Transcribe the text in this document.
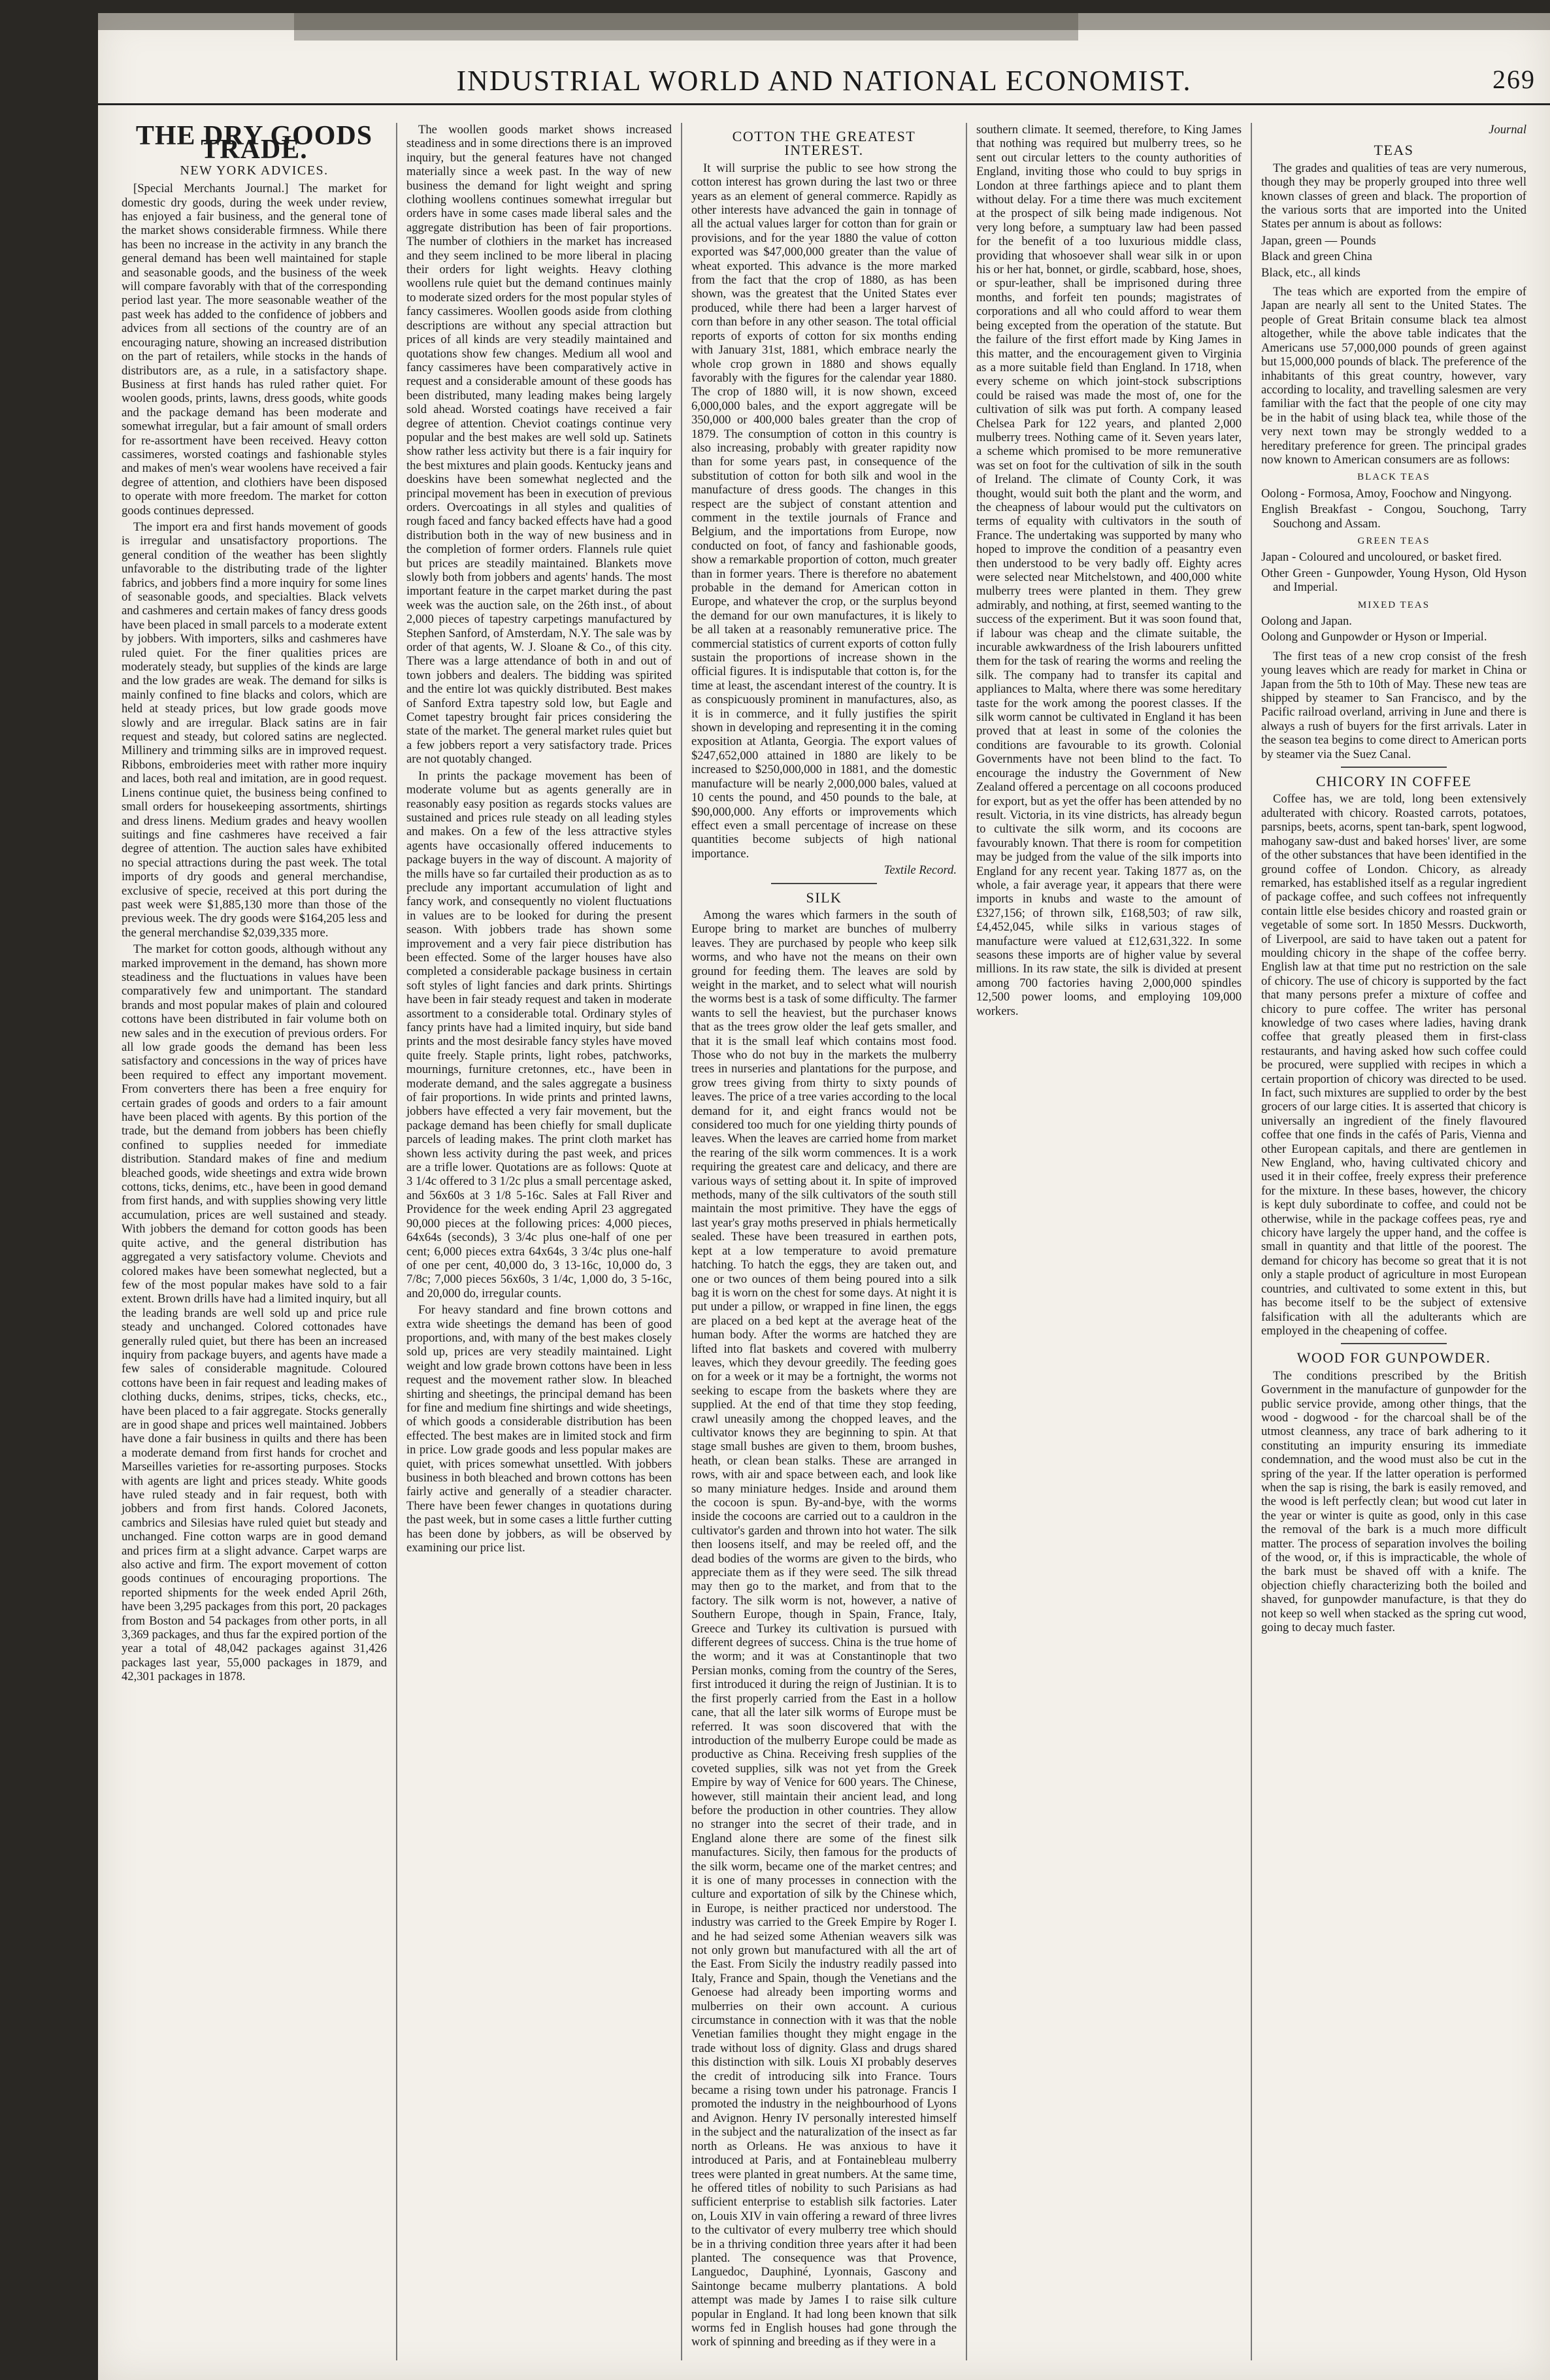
INDUSTRIAL WORLD AND NATIONAL ECONOMIST.	269
THE DRY GOODS TRADE.
NEW YORK ADVICES.

[Special Merchants Journal.] The market for domestic dry goods, during the week under review, has enjoyed a fair business, and the general tone of the market shows considerable firmness. While there has been no increase in the activity in any branch the general demand has been well maintained for staple and seasonable goods, and the business of the week will compare favorably with that of the corresponding period last year. The more seasonable weather of the past week has added to the confidence of jobbers and advices from all sections of the country are of an encouraging nature, showing an increased distribution on the part of retailers, while stocks in the hands of distributors are, as a rule, in a satisfactory shape. Business at first hands has ruled rather quiet. For woolen goods, prints, lawns, dress goods, white goods and the package demand has been moderate and somewhat irregular, but a fair amount of small orders for re-assortment have been received. Heavy cotton cassimeres, worsted coatings and fashionable styles and makes of men's wear woolens have received a fair degree of attention, and clothiers have been disposed to operate with more freedom. The market for cotton goods continues depressed.

The import era and first hands movement of goods is irregular and unsatisfactory proportions. The general condition of the weather has been slightly unfavorable to the distributing trade of the lighter fabrics, and jobbers find a more inquiry for some lines of seasonable goods, and specialties. Black velvets and cashmeres and certain makes of fancy dress goods have been placed in small parcels to a moderate extent by jobbers. With importers, silks and cashmeres have ruled quiet. For the finer qualities prices are moderately steady, but supplies of the kinds are large and the low grades are weak. The demand for silks is mainly confined to fine blacks and colors, which are held at steady prices, but low grade goods move slowly and are irregular. Black satins are in fair request and steady, but colored satins are neglected. Millinery and trimming silks are in improved request. Ribbons, embroideries meet with rather more inquiry and laces, both real and imitation, are in good request. Linens continue quiet, the business being confined to small orders for housekeeping assortments, shirtings and dress linens. Medium grades and heavy woollen suitings and fine cashmeres have received a fair degree of attention. The auction sales have exhibited no special attractions during the past week. The total imports of dry goods and general merchandise, exclusive of specie, received at this port during the past week were $1,885,130 more than those of the previous week. The dry goods were $164,205 less and the general merchandise $2,039,335 more.

The market for cotton goods, although without any marked improvement in the demand, has shown more steadiness and the fluctuations in values have been comparatively few and unimportant. The standard brands and most popular makes of plain and coloured cottons have been distributed in fair volume both on new sales and in the execution of previous orders. For all low grade goods the demand has been less satisfactory and concessions in the way of prices have been required to effect any important movement. From converters there has been a free enquiry for certain grades of goods and orders to a fair amount have been placed with agents. By this portion of the trade, but the demand from jobbers has been chiefly confined to supplies needed for immediate distribution. Standard makes of fine and medium bleached goods, wide sheetings and extra wide brown cottons, ticks, denims, etc., have been in good demand from first hands, and with supplies showing very little accumulation, prices are well sustained and steady. With jobbers the demand for cotton goods has been quite active, and the general distribution has aggregated a very satisfactory volume. Cheviots and colored makes have been somewhat neglected, but a few of the most popular makes have sold to a fair extent. Brown drills have had a limited inquiry, but all the leading brands are well sold up and price rule steady and unchanged. Colored cottonades have generally ruled quiet, but there has been an increased inquiry from package buyers, and agents have made a few sales of considerable magnitude. Coloured cottons have been in fair request and leading makes of clothing ducks, denims, stripes, ticks, checks, etc., have been placed to a fair aggregate. Stocks generally are in good shape and prices well maintained. Jobbers have done a fair business in quilts and there has been a moderate demand from first hands for crochet and Marseilles varieties for re-assorting purposes. Stocks with agents are light and prices steady. White goods have ruled steady and in fair request, both with jobbers and from first hands. Colored Jaconets, cambrics and Silesias have ruled quiet but steady and unchanged. Fine cotton warps are in good demand and prices firm at a slight advance. Carpet warps are also active and firm. The export movement of cotton goods continues of encouraging proportions. The reported shipments for the week ended April 26th, have been 3,295 packages from this port, 20 packages from Boston and 54 packages from other ports, in all 3,369 packages, and thus far the expired portion of the year a total of 48,042 packages against 31,426 packages last year, 55,000 packages in 1879, and 42,301 packages in 1878.

The woollen goods market shows increased steadiness and in some directions there is an improved inquiry, but the general features have not changed materially since a week past. In the way of new business the demand for light weight and spring clothing woollens continues somewhat irregular but orders have in some cases made liberal sales and the aggregate distribution has been of fair proportions. The number of clothiers in the market has increased and they seem inclined to be more liberal in placing their orders for light weights. Heavy clothing woollens rule quiet but the demand continues mainly to moderate sized orders for the most popular styles of fancy cassimeres. Woollen goods aside from clothing descriptions are without any special attraction but prices of all kinds are very steadily maintained and quotations show few changes. Medium all wool and fancy cassimeres have been comparatively active in request and a considerable amount of these goods has been distributed, many leading makes being largely sold ahead. Worsted coatings have received a fair degree of attention. Cheviot coatings continue very popular and the best makes are well sold up. Satinets show rather less activity but there is a fair inquiry for the best mixtures and plain goods. Kentucky jeans and doeskins have been somewhat neglected and the principal movement has been in execution of previous orders. Overcoatings in all styles and qualities of rough faced and fancy backed effects have had a good distribution both in the way of new business and in the completion of former orders. Flannels rule quiet but prices are steadily maintained. Blankets move slowly both from jobbers and agents' hands. The most important feature in the carpet market during the past week was the auction sale, on the 26th inst., of about 2,000 pieces of tapestry carpetings manufactured by Stephen Sanford, of Amsterdam, N.Y. The sale was by order of that agents, W. J. Sloane & Co., of this city. There was a large attendance of both in and out of town jobbers and dealers. The bidding was spirited and the entire lot was quickly distributed. Best makes of Sanford Extra tapestry sold low, but Eagle and Comet tapestry brought fair prices considering the state of the market. The general market rules quiet but a few jobbers report a very satisfactory trade. Prices are not quotably changed.

In prints the package movement has been of moderate volume but as agents generally are in reasonably easy position as regards stocks values are sustained and prices rule steady on all leading styles and makes. On a few of the less attractive styles agents have occasionally offered inducements to package buyers in the way of discount. A majority of the mills have so far curtailed their production as as to preclude any important accumulation of light and fancy work, and consequently no violent fluctuations in values are to be looked for during the present season. With jobbers trade has shown some improvement and a very fair piece distribution has been effected. Some of the larger houses have also completed a considerable package business in certain soft styles of light fancies and dark prints. Shirtings have been in fair steady request and taken in moderate assortment to a considerable total. Ordinary styles of fancy prints have had a limited inquiry, but side band prints and the most desirable fancy styles have moved quite freely. Staple prints, light robes, patchworks, mournings, furniture cretonnes, etc., have been in moderate demand, and the sales aggregate a business of fair proportions. In wide prints and printed lawns, jobbers have effected a very fair movement, but the package demand has been chiefly for small duplicate parcels of leading makes. The print cloth market has shown less activity during the past week, and prices are a trifle lower. Quotations are as follows: Quote at 3 1/4c offered to 3 1/2c plus a small percentage asked, and 56x60s at 3 1/8 5-16c. Sales at Fall River and Providence for the week ending April 23 aggregated 90,000 pieces at the following prices: 4,000 pieces, 64x64s (seconds), 3 3/4c plus one-half of one per cent; 6,000 pieces extra 64x64s, 3 3/4c plus one-half of one per cent, 40,000 do, 3 13-16c, 10,000 do, 3 7/8c; 7,000 pieces 56x60s, 3 1/4c, 1,000 do, 3 5-16c, and 20,000 do, irregular counts.

For heavy standard and fine brown cottons and extra wide sheetings the demand has been of good proportions, and, with many of the best makes closely sold up, prices are very steadily maintained. Light weight and low grade brown cottons have been in less request and the movement rather slow. In bleached shirting and sheetings, the principal demand has been for fine and medium fine shirtings and wide sheetings, of which goods a considerable distribution has been effected. The best makes are in limited stock and firm in price. Low grade goods and less popular makes are quiet, with prices somewhat unsettled. With jobbers business in both bleached and brown cottons has been fairly active and generally of a steadier character. There have been fewer changes in quotations during the past week, but in some cases a little further cutting has been done by jobbers, as will be observed by examining our price list.

COTTON THE GREATEST INTEREST.

It will surprise the public to see how strong the cotton interest has grown during the last two or three years as an element of general commerce. Rapidly as other interests have advanced the gain in tonnage of all the actual values larger for cotton than for grain or provisions, and for the year 1880 the value of cotton exported was $47,000,000 greater than the value of wheat exported. This advance is the more marked from the fact that the crop of 1880, as has been shown, was the greatest that the United States ever produced, while there had been a larger harvest of corn than before in any other season. The total official reports of exports of cotton for six months ending with January 31st, 1881, which embrace nearly the whole crop grown in 1880 and shows equally favorably with the figures for the calendar year 1880. The crop of 1880 will, it is now shown, exceed 6,000,000 bales, and the export aggregate will be 350,000 or 400,000 bales greater than the crop of 1879. The consumption of cotton in this country is also increasing, probably with greater rapidity now than for some years past, in consequence of the substitution of cotton for both silk and wool in the manufacture of dress goods. The changes in this respect are the subject of constant attention and comment in the textile journals of France and Belgium, and the importations from Europe, now conducted on foot, of fancy and fashionable goods, show a remarkable proportion of cotton, much greater than in former years. There is therefore no abatement probable in the demand for American cotton in Europe, and whatever the crop, or the surplus beyond the demand for our own manufactures, it is likely to be all taken at a reasonably remunerative price. The commercial statistics of current exports of cotton fully sustain the proportions of increase shown in the official figures. It is indisputable that cotton is, for the time at least, the ascendant interest of the country. It is as conspicuously prominent in manufactures, also, as it is in commerce, and it fully justifies the spirit shown in developing and representing it in the coming exposition at Atlanta, Georgia. The export values of $247,652,000 attained in 1880 are likely to be increased to $250,000,000 in 1881, and the domestic manufacture will be nearly 2,000,000 bales, valued at 10 cents the pound, and 450 pounds to the bale, at $90,000,000. Any efforts or improvements which effect even a small percentage of increase on these quantities become subjects of high national importance.

Textile Record.

SILK

Among the wares which farmers in the south of Europe bring to market are bunches of mulberry leaves. They are purchased by people who keep silk worms, and who have not the means on their own ground for feeding them. The leaves are sold by weight in the market, and to select what will nourish the worms best is a task of some difficulty. The farmer wants to sell the heaviest, but the purchaser knows that as the trees grow older the leaf gets smaller, and that it is the small leaf which contains most food. Those who do not buy in the markets the mulberry trees in nurseries and plantations for the purpose, and grow trees giving from thirty to sixty pounds of leaves. The price of a tree varies according to the local demand for it, and eight francs would not be considered too much for one yielding thirty pounds of leaves. When the leaves are carried home from market the rearing of the silk worm commences. It is a work requiring the greatest care and delicacy, and there are various ways of setting about it. In spite of improved methods, many of the silk cultivators of the south still maintain the most primitive. They have the eggs of last year's gray moths preserved in phials hermetically sealed. These have been treasured in earthen pots, kept at a low temperature to avoid premature hatching. To hatch the eggs, they are taken out, and one or two ounces of them being poured into a silk bag it is worn on the chest for some days. At night it is put under a pillow, or wrapped in fine linen, the eggs are placed on a bed kept at the average heat of the human body. After the worms are hatched they are lifted into flat baskets and covered with mulberry leaves, which they devour greedily. The feeding goes on for a week or it may be a fortnight, the worms not seeking to escape from the baskets where they are supplied. At the end of that time they stop feeding, crawl uneasily among the chopped leaves, and the cultivator knows they are beginning to spin. At that stage small bushes are given to them, broom bushes, heath, or clean bean stalks. These are arranged in rows, with air and space between each, and look like so many miniature hedges. Inside and around them the cocoon is spun. By-and-bye, with the worms inside the cocoons are carried out to a cauldron in the cultivator's garden and thrown into hot water. The silk then loosens itself, and may be reeled off, and the dead bodies of the worms are given to the birds, who appreciate them as if they were seed. The silk thread may then go to the market, and from that to the factory. The silk worm is not, however, a native of Southern Europe, though in Spain, France, Italy, Greece and Turkey its cultivation is pursued with different degrees of success. China is the true home of the worm; and it was at Constantinople that two Persian monks, coming from the country of the Seres, first introduced it during the reign of Justinian. It is to the first properly carried from the East in a hollow cane, that all the later silk worms of Europe must be referred. It was soon discovered that with the introduction of the mulberry Europe could be made as productive as China. Receiving fresh supplies of the coveted supplies, silk was not yet from the Greek Empire by way of Venice for 600 years. The Chinese, however, still maintain their ancient lead, and long before the production in other countries. They allow no stranger into the secret of their trade, and in England alone there are some of the finest silk manufactures. Sicily, then famous for the products of the silk worm, became one of the market centres; and it is one of many processes in connection with the culture and exportation of silk by the Chinese which, in Europe, is neither practiced nor understood. The industry was carried to the Greek Empire by Roger I. and he had seized some Athenian weavers silk was not only grown but manufactured with all the art of the East. From Sicily the industry readily passed into Italy, France and Spain, though the Venetians and the Genoese had already been importing worms and mulberries on their own account. A curious circumstance in connection with it was that the noble Venetian families thought they might engage in the trade without loss of dignity. Glass and drugs shared this distinction with silk. Louis XI probably deserves the credit of introducing silk into France. Tours became a rising town under his patronage. Francis I promoted the industry in the neighbourhood of Lyons and Avignon. Henry IV personally interested himself in the subject and the naturalization of the insect as far north as Orleans. He was anxious to have it introduced at Paris, and at Fontainebleau mulberry trees were planted in great numbers. At the same time, he offered titles of nobility to such Parisians as had sufficient enterprise to establish silk factories. Later on, Louis XIV in vain offering a reward of three livres to the cultivator of every mulberry tree which should be in a thriving condition three years after it had been planted. The consequence was that Provence, Languedoc, Dauphiné, Lyonnais, Gascony and Saintonge became mulberry plantations. A bold attempt was made by James I to raise silk culture popular in England. It had long been known that silk worms fed in English houses had gone through the work of spinning and breeding as if they were in a

southern climate. It seemed, therefore, to King James that nothing was required but mulberry trees, so he sent out circular letters to the county authorities of England, inviting those who could to buy sprigs in London at three farthings apiece and to plant them without delay. For a time there was much excitement at the prospect of silk being made indigenous. Not very long before, a sumptuary law had been passed for the benefit of a too luxurious middle class, providing that whosoever shall wear silk in or upon his or her hat, bonnet, or girdle, scabbard, hose, shoes, or spur-leather, shall be imprisoned during three months, and forfeit ten pounds; magistrates of corporations and all who could afford to wear them being excepted from the operation of the statute. But the failure of the first effort made by King James in this matter, and the encouragement given to Virginia as a more suitable field than England. In 1718, when every scheme on which joint-stock subscriptions could be raised was made the most of, one for the cultivation of silk was put forth. A company leased Chelsea Park for 122 years, and planted 2,000 mulberry trees. Nothing came of it. Seven years later, a scheme which promised to be more remunerative was set on foot for the cultivation of silk in the south of Ireland. The climate of County Cork, it was thought, would suit both the plant and the worm, and the cheapness of labour would put the cultivators on terms of equality with cultivators in the south of France. The undertaking was supported by many who hoped to improve the condition of a peasantry even then understood to be very badly off. Eighty acres were selected near Mitchelstown, and 400,000 white mulberry trees were planted in them. They grew admirably, and nothing, at first, seemed wanting to the success of the experiment. But it was soon found that, if labour was cheap and the climate suitable, the incurable awkwardness of the Irish labourers unfitted them for the task of rearing the worms and reeling the silk. The company had to transfer its capital and appliances to Malta, where there was some hereditary taste for the work among the poorest classes. If the silk worm cannot be cultivated in England it has been proved that at least in some of the colonies the conditions are favourable to its growth. Colonial Governments have not been blind to the fact. To encourage the industry the Government of New Zealand offered a percentage on all cocoons produced for export, but as yet the offer has been attended by no result. Victoria, in its vine districts, has already begun to cultivate the silk worm, and its cocoons are favourably known. That there is room for competition may be judged from the value of the silk imports into England for any recent year. Taking 1877 as, on the whole, a fair average year, it appears that there were imports in knubs and waste to the amount of £327,156; of thrown silk, £168,503; of raw silk, £4,452,045, while silks in various stages of manufacture were valued at £12,631,322. In some seasons these imports are of higher value by several millions. In its raw state, the silk is divided at present among 700 factories having 2,000,000 spindles 12,500 power looms, and employing 109,000 workers.

Journal

TEAS

The grades and qualities of teas are very numerous, though they may be properly grouped into three well known classes of green and black. The proportion of the various sorts that are imported into the United States per annum is about as follows:

Japan, green — Pounds
Black and green China
Black, etc., all kinds

The teas which are exported from the empire of Japan are nearly all sent to the United States. The people of Great Britain consume black tea almost altogether, while the above table indicates that the Americans use 57,000,000 pounds of green against but 15,000,000 pounds of black. The preference of the inhabitants of this great country, however, vary according to locality, and travelling salesmen are very familiar with the fact that the people of one city may be in the habit of using black tea, while those of the very next town may be strongly wedded to a hereditary preference for green. The principal grades now known to American consumers are as follows:

BLACK TEAS
Oolong - Formosa, Amoy, Foochow and Ningyong.
English Breakfast - Congou, Souchong, Tarry Souchong and Assam.
GREEN TEAS
Japan - Coloured and uncoloured, or basket fired.
Other Green - Gunpowder, Young Hyson, Old Hyson and Imperial.
MIXED TEAS
Oolong and Japan.
Oolong and Gunpowder or Hyson or Imperial.

The first teas of a new crop consist of the fresh young leaves which are ready for market in China or Japan from the 5th to 10th of May. These new teas are shipped by steamer to San Francisco, and by the Pacific railroad overland, arriving in June and there is always a rush of buyers for the first arrivals. Later in the season tea begins to come direct to American ports by steamer via the Suez Canal.

CHICORY IN COFFEE

Coffee has, we are told, long been extensively adulterated with chicory. Roasted carrots, potatoes, parsnips, beets, acorns, spent tan-bark, spent logwood, mahogany saw-dust and baked horses' liver, are some of the other substances that have been identified in the ground coffee of London. Chicory, as already remarked, has established itself as a regular ingredient of package coffee, and such coffees not infrequently contain little else besides chicory and roasted grain or vegetable of some sort. In 1850 Messrs. Duckworth, of Liverpool, are said to have taken out a patent for moulding chicory in the shape of the coffee berry. English law at that time put no restriction on the sale of chicory. The use of chicory is supported by the fact that many persons prefer a mixture of coffee and chicory to pure coffee. The writer has personal knowledge of two cases where ladies, having drank coffee that greatly pleased them in first-class restaurants, and having asked how such coffee could be procured, were supplied with recipes in which a certain proportion of chicory was directed to be used. In fact, such mixtures are supplied to order by the best grocers of our large cities. It is asserted that chicory is universally an ingredient of the finely flavoured coffee that one finds in the cafés of Paris, Vienna and other European capitals, and there are gentlemen in New England, who, having cultivated chicory and used it in their coffee, freely express their preference for the mixture. In these bases, however, the chicory is kept duly subordinate to coffee, and could not be otherwise, while in the package coffees peas, rye and chicory have largely the upper hand, and the coffee is small in quantity and that little of the poorest. The demand for chicory has become so great that it is not only a staple product of agriculture in most European countries, and cultivated to some extent in this, but has become itself to be the subject of extensive falsification with all the adulterants which are employed in the cheapening of coffee.

WOOD FOR GUNPOWDER.

The conditions prescribed by the British Government in the manufacture of gunpowder for the public service provide, among other things, that the wood - dogwood - for the charcoal shall be of the utmost cleanness, any trace of bark adhering to it constituting an impurity ensuring its immediate condemnation, and the wood must also be cut in the spring of the year. If the latter operation is performed when the sap is rising, the bark is easily removed, and the wood is left perfectly clean; but wood cut later in the year or winter is quite as good, only in this case the removal of the bark is a much more difficult matter. The process of separation involves the boiling of the wood, or, if this is impracticable, the whole of the bark must be shaved off with a knife. The objection chiefly characterizing both the boiled and shaved, for gunpowder manufacture, is that they do not keep so well when stacked as the spring cut wood, going to decay much faster.
